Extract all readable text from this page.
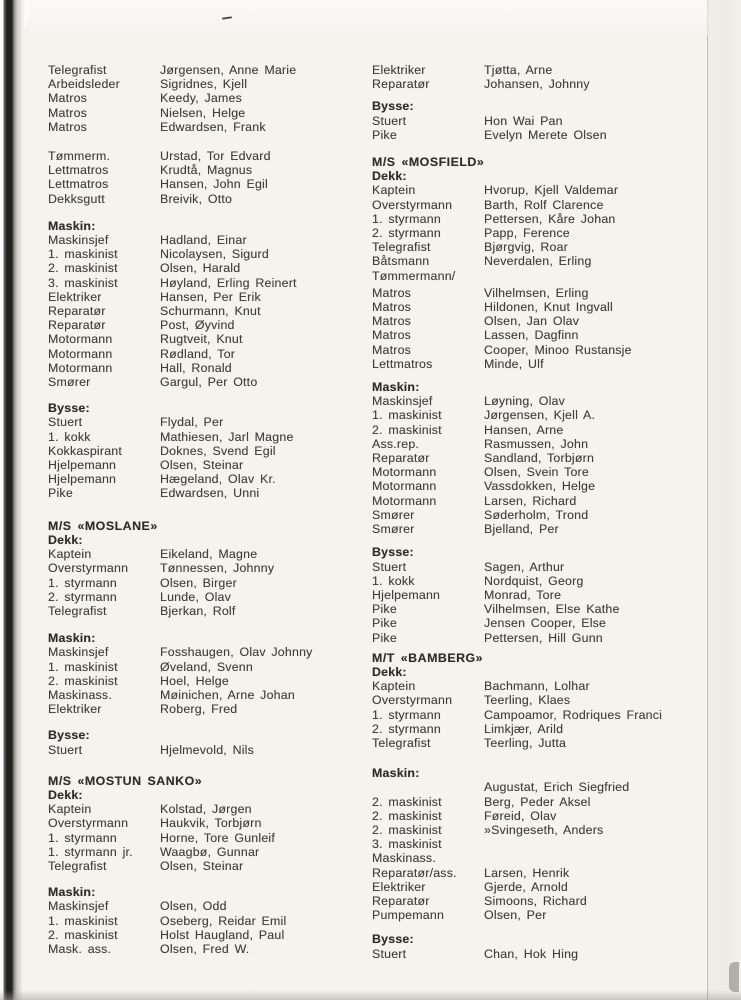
Telegrafist	Jørgensen, Anne Marie
Arbeidsleder	Sigridnes, Kjell
Matros	Keedy, James
Matros	Nielsen, Helge
Matros	Edwardsen, Frank
Tømmerm.	Urstad, Tor Edvard
Lettmatros	Krudtå, Magnus
Lettmatros	Hansen, John Egil
Dekksgutt	Breivik, Otto
Maskin:
Maskinsjef	Hadland, Einar
1. maskinist	Nicolaysen, Sigurd
2. maskinist	Olsen, Harald
3. maskinist	Høyland, Erling Reinert
Elektriker	Hansen, Per Erik
Reparatør	Schurmann, Knut
Reparatør	Post, Øyvind
Motormann	Rugtveit, Knut
Motormann	Rødland, Tor
Motormann	Hall, Ronald
Smører	Gargul, Per Otto
Bysse:
Stuert	Flydal, Per
1. kokk	Mathiesen, Jarl Magne
Kokkaspirant	Doknes, Svend Egil
Hjelpemann	Olsen, Steinar
Hjelpemann	Hægeland, Olav Kr.
Pike	Edwardsen, Unni
M/S «MOSLANE»
Dekk:
Kaptein	Eikeland, Magne
Overstyrmann	Tønnessen, Johnny
1. styrmann	Olsen, Birger
2. styrmann	Lunde, Olav
Telegrafist	Bjerkan, Rolf
Maskin:
Maskinsjef	Fosshaugen, Olav Johnny
1. maskinist	Øveland, Svenn
2. maskinist	Hoel, Helge
Maskinass.	Møinichen, Arne Johan
Elektriker	Roberg, Fred
Bysse:
Stuert	Hjelmevold, Nils
M/S «MOSTUN SANKO»
Dekk:
Kaptein	Kolstad, Jørgen
Overstyrmann	Haukvik, Torbjørn
1. styrmann	Horne, Tore Gunleif
1. styrmann jr.	Waagbø, Gunnar
Telegrafist	Olsen, Steinar
Maskin:
Maskinsjef	Olsen, Odd
1. maskinist	Oseberg, Reidar Emil
2. maskinist	Holst Haugland, Paul
Mask. ass.	Olsen, Fred W.
Elektriker	Tjøtta, Arne
Reparatør	Johansen, Johnny
Bysse:
Stuert	Hon Wai Pan
Pike	Evelyn Merete Olsen
M/S «MOSFIELD»
Dekk:
Kaptein	Hvorup, Kjell Valdemar
Overstyrmann	Barth, Rolf Clarence
1. styrmann	Pettersen, Kåre Johan
2. styrmann	Papp, Ference
Telegrafist	Bjørgvig, Roar
Båtsmann	Neverdalen, Erling
Tømmermann/
Matros	Vilhelmsen, Erling
Matros	Hildonen, Knut Ingvall
Matros	Olsen, Jan Olav
Matros	Lassen, Dagfinn
Matros	Cooper, Minoo Rustansje
Lettmatros	Minde, Ulf
Maskin:
Maskinsjef	Løyning, Olav
1. maskinist	Jørgensen, Kjell A.
2. maskinist	Hansen, Arne
Ass.rep.	Rasmussen, John
Reparatør	Sandland, Torbjørn
Motormann	Olsen, Svein Tore
Motormann	Vassdokken, Helge
Motormann	Larsen, Richard
Smører	Søderholm, Trond
Smører	Bjelland, Per
Bysse:
Stuert	Sagen, Arthur
1. kokk	Nordquist, Georg
Hjelpemann	Monrad, Tore
Pike	Vilhelmsen, Else Kathe
Pike	Jensen Cooper, Else
Pike	Pettersen, Hill Gunn
M/T «BAMBERG»
Dekk:
Kaptein	Bachmann, Lolhar
Overstyrmann	Teerling, Klaes
1. styrmann	Campoamor, Rodriques Franci
2. styrmann	Limkjær, Arild
Telegrafist	Teerling, Jutta
Maskin:
Augustat, Erich Siegfried
2. maskinist	Berg, Peder Aksel
2. maskinist	Føreid, Olav
2. maskinist	»Svingeseth, Anders
3. maskinist
Maskinass.
Reparatør/ass.	Larsen, Henrik
Elektriker	Gjerde, Arnold
Reparatør	Simoons, Richard
Pumpemann	Olsen, Per
Bysse:
Stuert	Chan, Hok Hing
